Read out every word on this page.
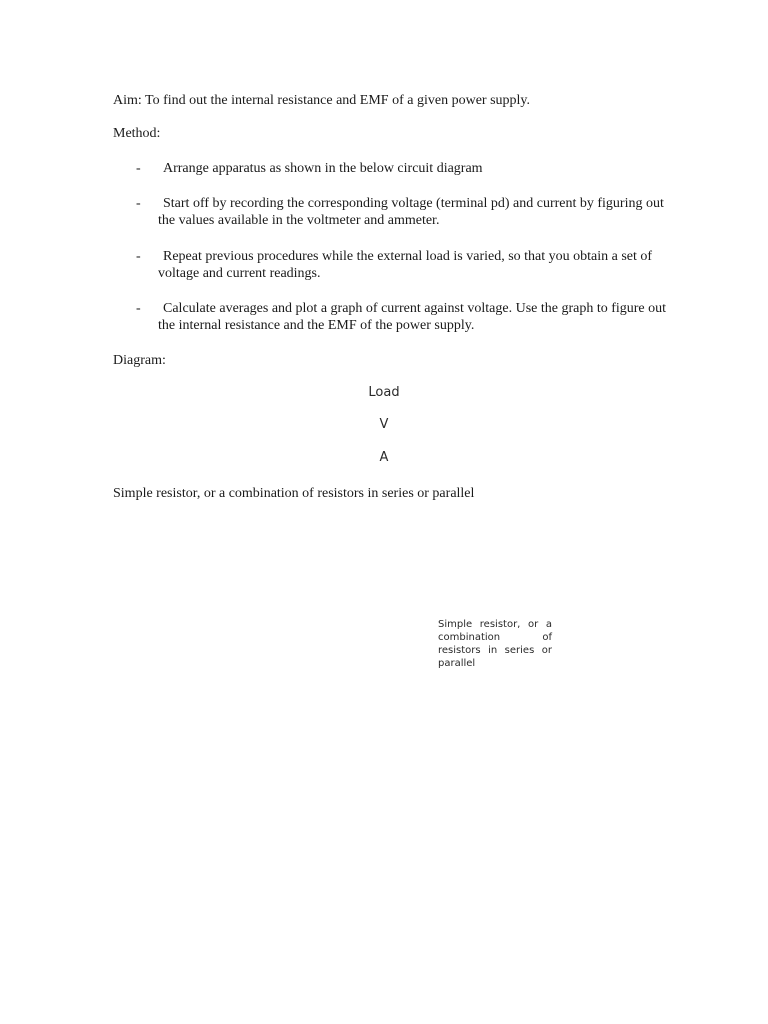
Aim: To find out the internal resistance and EMF of a given power supply.
Method:
-	Arrange apparatus as shown in the below circuit diagram
-	Start off by recording the corresponding voltage (terminal pd) and current by figuring out the values available in the voltmeter and ammeter.
-	Repeat previous procedures while the external load is varied, so that you obtain a set of voltage and current readings.
-	Calculate averages and plot a graph of current against voltage. Use the graph to figure out the internal resistance and the EMF of the power supply.
Diagram:
Load
V
A
Simple resistor, or a combination of resistors in series or parallel
Simple resistor, or a combination of resistors in series or parallel
